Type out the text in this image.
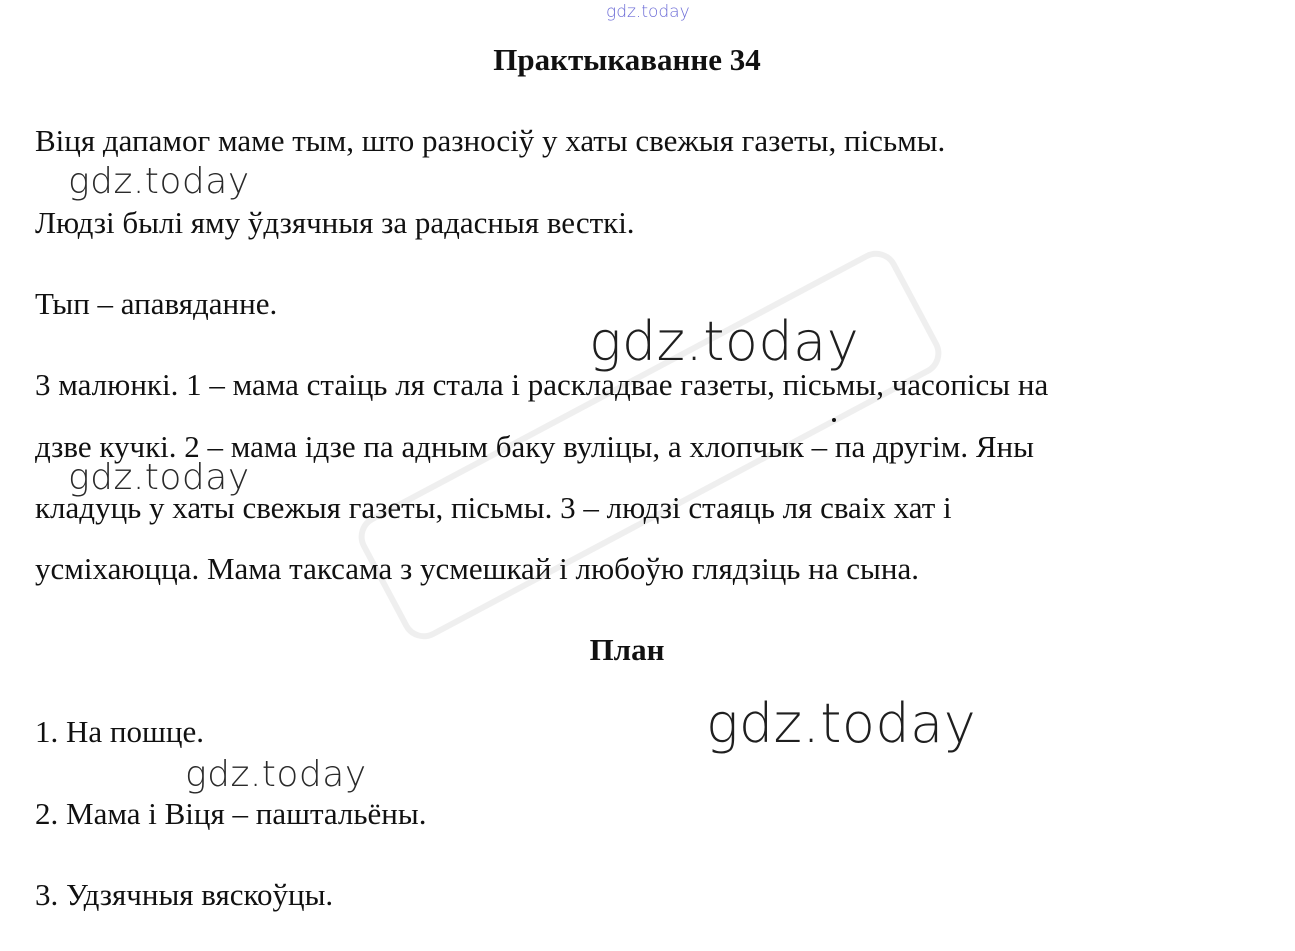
gdz.today
Практыкаванне 34
Віця дапамог маме тым, што разносіў у хаты свежыя газеты, пісьмы.
gdz.today
Людзі былі яму ўдзячныя за радасныя весткі.
Тып – апавяданне.
3 малюнкі. 1 – мама стаіць ля стала і раскладвае газеты, пісьмы, часопісы на
gdz.today
дзве кучкі. 2 – мама ідзе па адным баку вуліцы, а хлопчык – па другім. Яны
gdz.today
кладуць у хаты свежыя газеты, пісьмы. 3 – людзі стаяць ля сваіх хат і
усміхаюцца. Мама таксама з усмешкай і любоўю глядзіць на сына.
План
gdz.today
1. На пошце.
gdz.today
2. Мама і Віця – паштальёны.
3. Удзячныя вяскоўцы.
